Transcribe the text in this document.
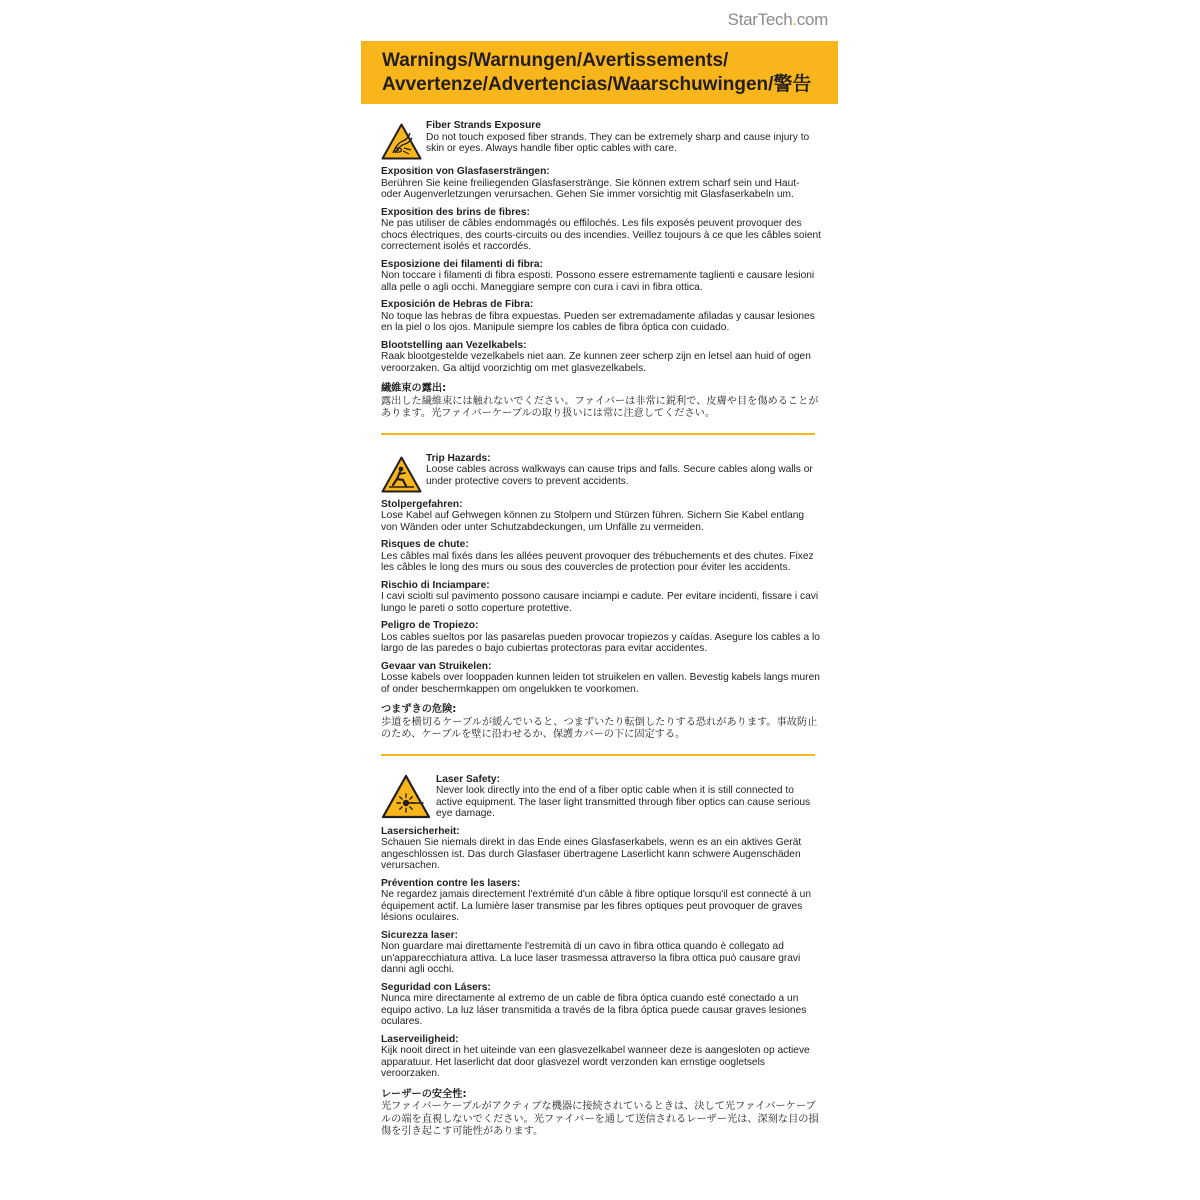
StarTech.com
Warnings/Warnungen/Avertissements/
Avvertenze/Advertencias/Waarschuwingen/警告

Fiber Strands Exposure

Do not touch exposed fiber strands. They can be extremely sharp and cause injury to skin or eyes. Always handle fiber optic cables with care.

Exposition von Glasfasersträngen:

Berühren Sie keine freiliegenden Glasfaserstränge. Sie können extrem scharf sein und Haut- oder Augenverletzungen verursachen. Gehen Sie immer vorsichtig mit Glasfaserkabeln um.

Exposition des brins de fibres:

Ne pas utiliser de câbles endommagés ou effilochés. Les fils exposés peuvent provoquer des chocs électriques, des courts-circuits ou des incendies. Veillez toujours à ce que les câbles soient correctement isolés et raccordés.

Esposizione dei filamenti di fibra:

Non toccare i filamenti di fibra esposti. Possono essere estremamente taglienti e causare lesioni alla pelle o agli occhi. Maneggiare sempre con cura i cavi in fibra ottica.

Exposición de Hebras de Fibra:

No toque las hebras de fibra expuestas. Pueden ser extremadamente afiladas y causar lesiones en la piel o los ojos. Manipule siempre los cables de fibra óptica con cuidado.

Blootstelling aan Vezelkabels:

Raak blootgestelde vezelkabels niet aan. Ze kunnen zeer scherp zijn en letsel aan huid of ogen veroorzaken. Ga altijd voorzichtig om met glasvezelkabels.

繊維束の露出:

露出した繊維束には触れないでください。ファイバーは非常に鋭利で、皮膚や目を傷めることがあります。光ファイバーケーブルの取り扱いには常に注意してください。

Trip Hazards:

Loose cables across walkways can cause trips and falls. Secure cables along walls or under protective covers to prevent accidents.

Stolpergefahren:

Lose Kabel auf Gehwegen können zu Stolpern und Stürzen führen. Sichern Sie Kabel entlang von Wänden oder unter Schutzabdeckungen, um Unfälle zu vermeiden.

Risques de chute:

Les câbles mal fixés dans les allées peuvent provoquer des trébuchements et des chutes. Fixez les câbles le long des murs ou sous des couvercles de protection pour éviter les accidents.

Rischio di Inciampare:

I cavi sciolti sul pavimento possono causare inciampi e cadute. Per evitare incidenti, fissare i cavi lungo le pareti o sotto coperture protettive.

Peligro de Tropiezo:

Los cables sueltos por las pasarelas pueden provocar tropiezos y caídas. Asegure los cables a lo largo de las paredes o bajo cubiertas protectoras para evitar accidentes.

Gevaar van Struikelen:

Losse kabels over looppaden kunnen leiden tot struikelen en vallen. Bevestig kabels langs muren of onder beschermkappen om ongelukken te voorkomen.

つまずきの危険:

歩道を横切るケーブルが緩んでいると、つまずいたり転倒したりする恐れがあります。事故防止のため、ケーブルを壁に沿わせるか、保護カバーの下に固定する。

Laser Safety:

Never look directly into the end of a fiber optic cable when it is still connected to active equipment. The laser light transmitted through fiber optics can cause serious eye damage.

Lasersicherheit:

Schauen Sie niemals direkt in das Ende eines Glasfaserkabels, wenn es an ein aktives Gerät angeschlossen ist. Das durch Glasfaser übertragene Laserlicht kann schwere Augenschäden verursachen.

Prévention contre les lasers:

Ne regardez jamais directement l'extrémité d'un câble à fibre optique lorsqu'il est connecté à un équipement actif. La lumière laser transmise par les fibres optiques peut provoquer de graves lésions oculaires.

Sicurezza laser:

Non guardare mai direttamente l'estremità di un cavo in fibra ottica quando è collegato ad un'apparecchiatura attiva. La luce laser trasmessa attraverso la fibra ottica può causare gravi danni agli occhi.

Seguridad con Lásers:

Nunca mire directamente al extremo de un cable de fibra óptica cuando esté conectado a un equipo activo. La luz láser transmitida a través de la fibra óptica puede causar graves lesiones oculares.

Laserveiligheid:

Kijk nooit direct in het uiteinde van een glasvezelkabel wanneer deze is aangesloten op actieve apparatuur. Het laserlicht dat door glasvezel wordt verzonden kan ernstige oogletsels veroorzaken.

レーザーの安全性:

光ファイバーケーブルがアクティブな機器に接続されているときは、決して光ファイバーケーブルの端を直視しないでください。光ファイバーを通して送信されるレーザー光は、深刻な目の損傷を引き起こす可能性があります。
